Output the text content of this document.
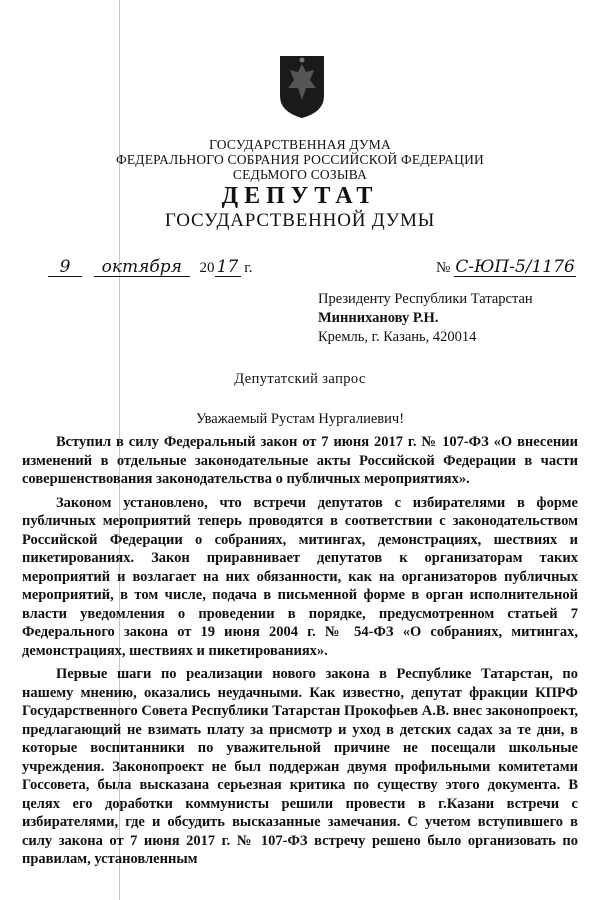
ГОСУДАРСТВЕННАЯ ДУМА
ФЕДЕРАЛЬНОГО СОБРАНИЯ РОССИЙСКОЙ ФЕДЕРАЦИИ
СЕДЬМОГО СОЗЫВА
ДЕПУТАТ
ГОСУДАРСТВЕННОЙ ДУМЫ
9 октября 20 17 г.	№ С-ЮП-5/1176
Президенту Республики Татарстан
Минниханову Р.Н.
Кремль, г. Казань, 420014
Депутатский запрос
Уважаемый Рустам Нургалиевич!

Вступил в силу Федеральный закон от 7 июня 2017 г. № 107-ФЗ «О внесении изменений в отдельные законодательные акты Российской Федерации в части совершенствования законодательства о публичных мероприятиях».

Законом установлено, что встречи депутатов с избирателями в форме публичных мероприятий теперь проводятся в соответствии с законодательством Российской Федерации о собраниях, митингах, демонстрациях, шествиях и пикетированиях. Закон приравнивает депутатов к организаторам таких мероприятий и возлагает на них обязанности, как на организаторов публичных мероприятий, в том числе, подача в письменной форме в орган исполнительной власти уведомления о проведении в порядке, предусмотренном статьей 7 Федерального закона от 19 июня 2004 г. № 54-ФЗ «О собраниях, митингах, демонстрациях, шествиях и пикетированиях».

Первые шаги по реализации нового закона в Республике Татарстан, по нашему мнению, оказались неудачными. Как известно, депутат фракции КПРФ Государственного Совета Республики Татарстан Прокофьев А.В. внес законопроект, предлагающий не взимать плату за присмотр и уход в детских садах за те дни, в которые воспитанники по уважительной причине не посещали школьные учреждения. Законопроект не был поддержан двумя профильными комитетами Госсовета, была высказана серьезная критика по существу этого документа. В целях его доработки коммунисты решили провести в г.Казани встречи с избирателями, где и обсудить высказанные замечания. С учетом вступившего в силу закона от 7 июня 2017 г. № 107-ФЗ встречу решено было организовать по правилам, установленным
